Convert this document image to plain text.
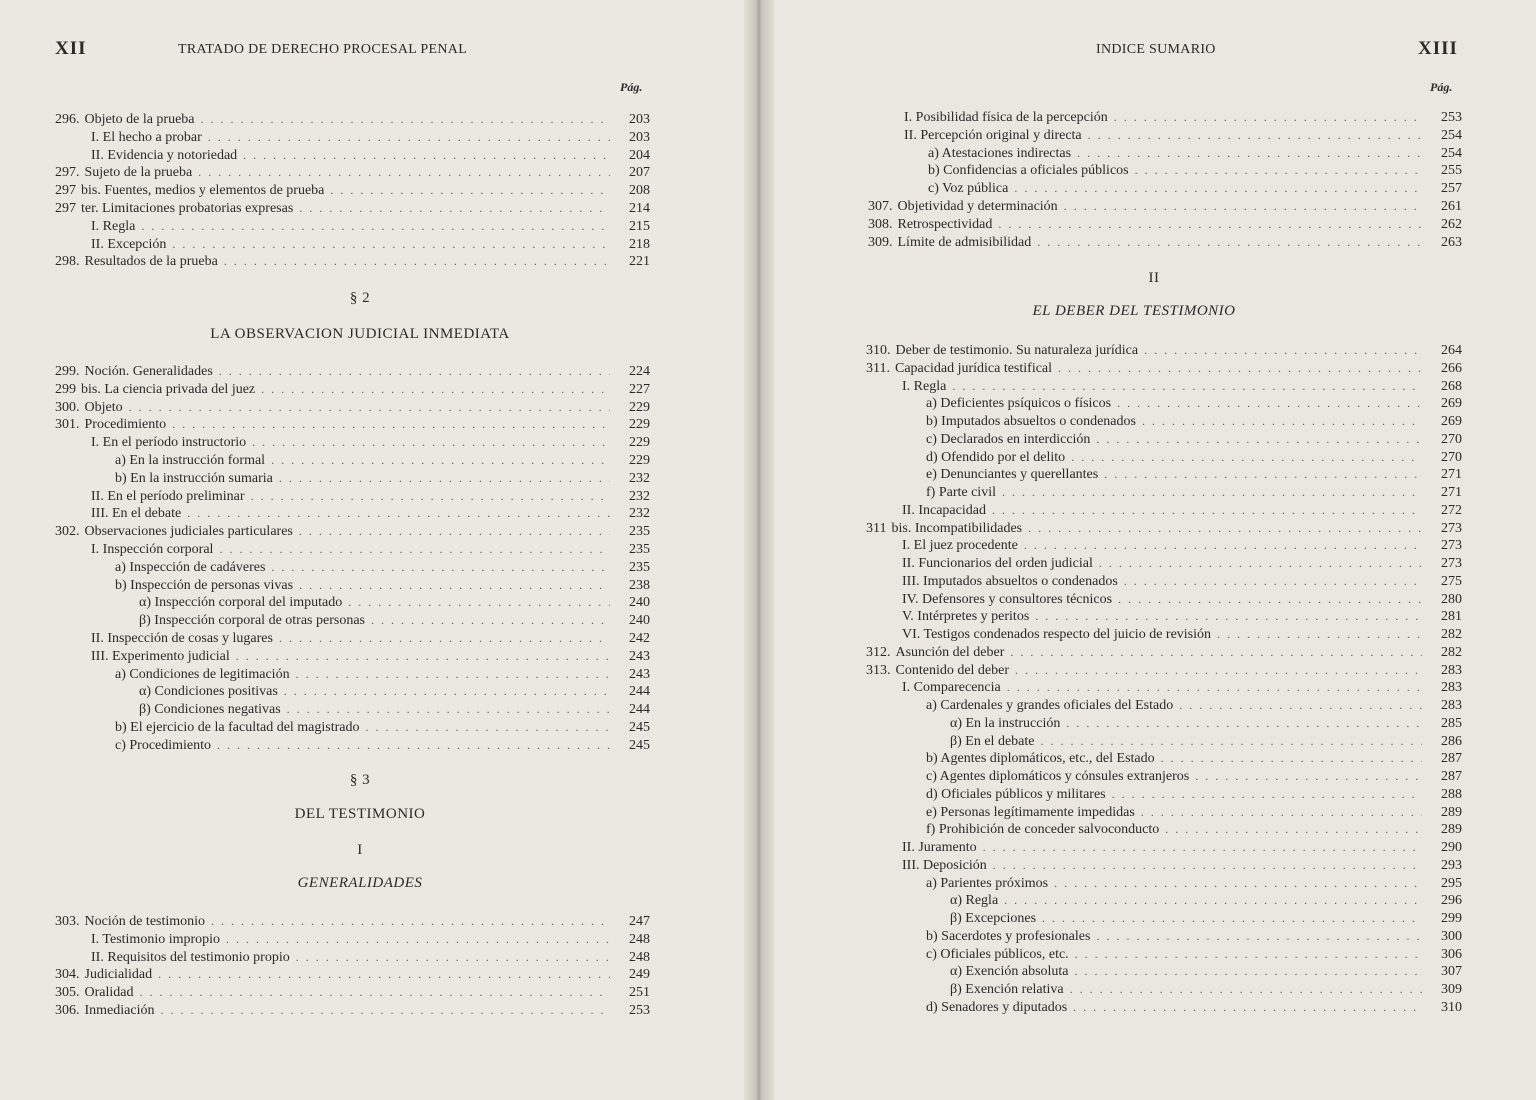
XII	TRATADO DE DERECHO PROCESAL PENAL
Pág.
296. Objeto de la prueba . . .	203
I. El hecho a probar . . .	203
II. Evidencia y notoriedad . . .	204
297. Sujeto de la prueba . . .	207
297 bis. Fuentes, medios y elementos de prueba . . .	208
297 ter. Limitaciones probatorias expresas . . .	214
I. Regla . . .	215
II. Excepción . . .	218
298. Resultados de la prueba . . .	221
§ 2
LA OBSERVACION JUDICIAL INMEDIATA
299. Noción. Generalidades . . .	224
299 bis. La ciencia privada del juez . . .	227
300. Objeto . . .	229
301. Procedimiento . . .	229
I. En el período instructorio . . .	229
a) En la instrucción formal . . .	229
b) En la instrucción sumaria . . .	232
II. En el período preliminar . . .	232
III. En el debate . . .	232
302. Observaciones judiciales particulares . . .	235
I. Inspección corporal . . .	235
a) Inspección de cadáveres . . .	235
b) Inspección de personas vivas . . .	238
α) Inspección corporal del imputado . . .	240
β) Inspección corporal de otras personas . . .	240
II. Inspección de cosas y lugares . . .	242
III. Experimento judicial . . .	243
a) Condiciones de legitimación . . .	243
α) Condiciones positivas . . .	244
β) Condiciones negativas . . .	244
b) El ejercicio de la facultad del magistrado . . .	245
c) Procedimiento . . .	245
§ 3
DEL TESTIMONIO
I
GENERALIDADES
303. Noción de testimonio . . .	247
I. Testimonio impropio . . .	248
II. Requisitos del testimonio propio . . .	248
304. Judicialidad . . .	249
305. Oralidad . . .	251
306. Inmediación . . .	253
INDICE SUMARIO	XIII
Pág.
I. Posibilidad física de la percepción . . .	253
II. Percepción original y directa . . .	254
a) Atestaciones indirectas . . .	254
b) Confidencias a oficiales públicos . . .	255
c) Voz pública . . .	257
307. Objetividad y determinación . . .	261
308. Retrospectividad . . .	262
309. Límite de admisibilidad . . .	263
II
EL DEBER DEL TESTIMONIO
310. Deber de testimonio. Su naturaleza jurídica . . .	264
311. Capacidad jurídica testifical . . .	266
I. Regla . . .	268
a) Deficientes psíquicos o físicos . . .	269
b) Imputados absueltos o condenados . . .	269
c) Declarados en interdicción . . .	270
d) Ofendido por el delito . . .	270
e) Denunciantes y querellantes . . .	271
f) Parte civil . . .	271
II. Incapacidad . . .	272
311 bis. Incompatibilidades . . .	273
I. El juez procedente . . .	273
II. Funcionarios del orden judicial . . .	273
III. Imputados absueltos o condenados . . .	275
IV. Defensores y consultores técnicos . . .	280
V. Intérpretes y peritos . . .	281
VI. Testigos condenados respecto del juicio de revisión . . .	282
312. Asunción del deber . . .	282
313. Contenido del deber . . .	283
I. Comparecencia . . .	283
a) Cardenales y grandes oficiales del Estado . . .	283
α) En la instrucción . . .	285
β) En el debate . . .	286
b) Agentes diplomáticos, etc., del Estado . . .	287
c) Agentes diplomáticos y cónsules extranjeros . . .	287
d) Oficiales públicos y militares . . .	288
e) Personas legítimamente impedidas . . .	289
f) Prohibición de conceder salvoconducto . . .	289
II. Juramento . . .	290
III. Deposición . . .	293
a) Parientes próximos . . .	295
α) Regla . . .	296
β) Excepciones . . .	299
b) Sacerdotes y profesionales . . .	300
c) Oficiales públicos, etc. . . .	306
α) Exención absoluta . . .	307
β) Exención relativa . . .	309
d) Senadores y diputados . . .	310
